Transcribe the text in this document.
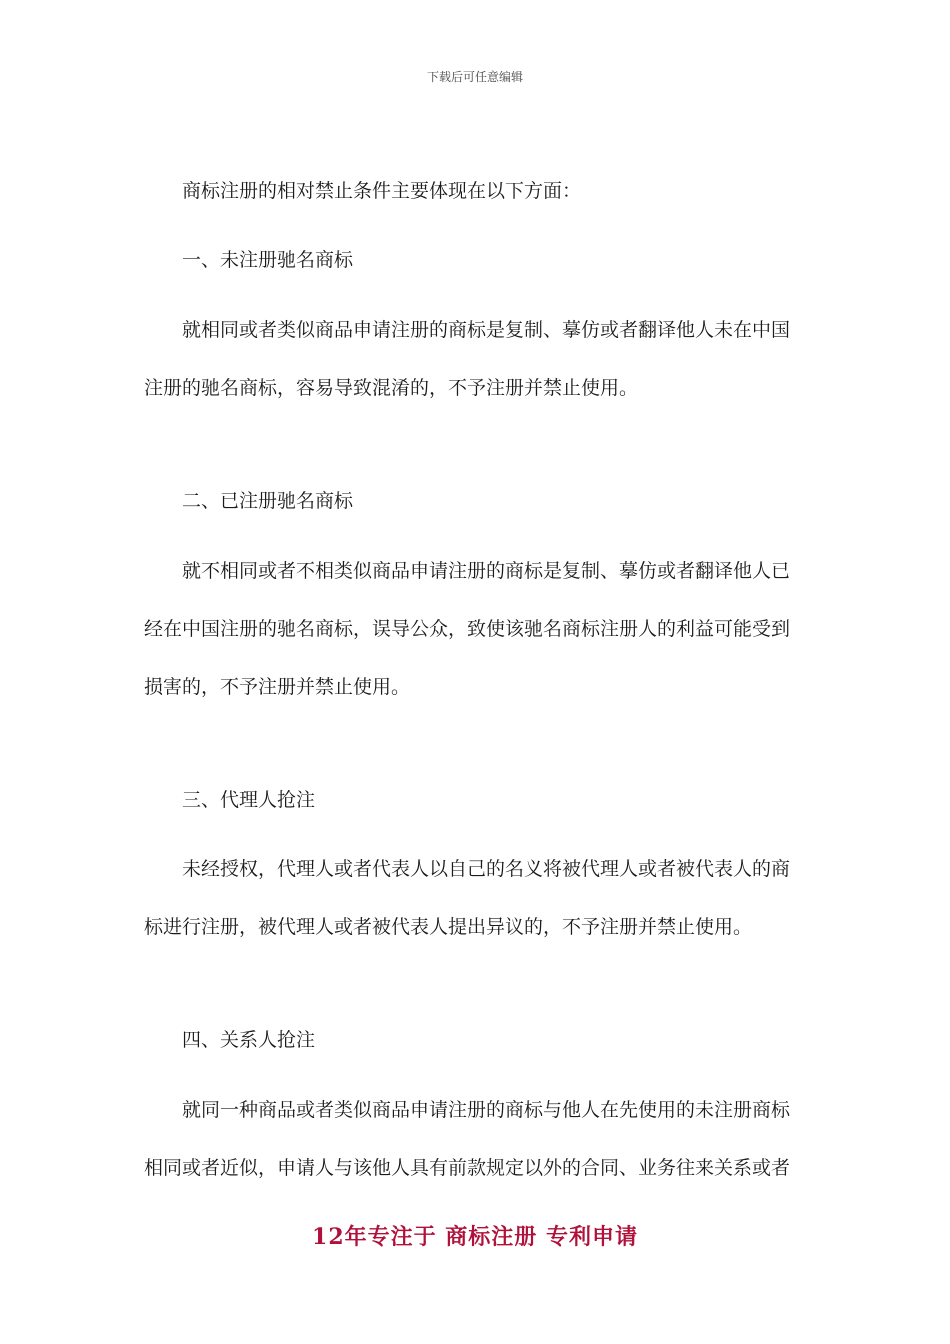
下载后可任意编辑
商标注册的相对禁止条件主要体现在以下方面：
一、未注册驰名商标
就相同或者类似商品申请注册的商标是复制、摹仿或者翻译他人未在中国
注册的驰名商标，容易导致混淆的，不予注册并禁止使用。
二、已注册驰名商标
就不相同或者不相类似商品申请注册的商标是复制、摹仿或者翻译他人已
经在中国注册的驰名商标，误导公众，致使该驰名商标注册人的利益可能受到
损害的，不予注册并禁止使用。
三、代理人抢注
未经授权，代理人或者代表人以自己的名义将被代理人或者被代表人的商
标进行注册，被代理人或者被代表人提出异议的，不予注册并禁止使用。
四、关系人抢注
就同一种商品或者类似商品申请注册的商标与他人在先使用的未注册商标
相同或者近似，申请人与该他人具有前款规定以外的合同、业务往来关系或者
12年专注于 商标注册 专利申请
